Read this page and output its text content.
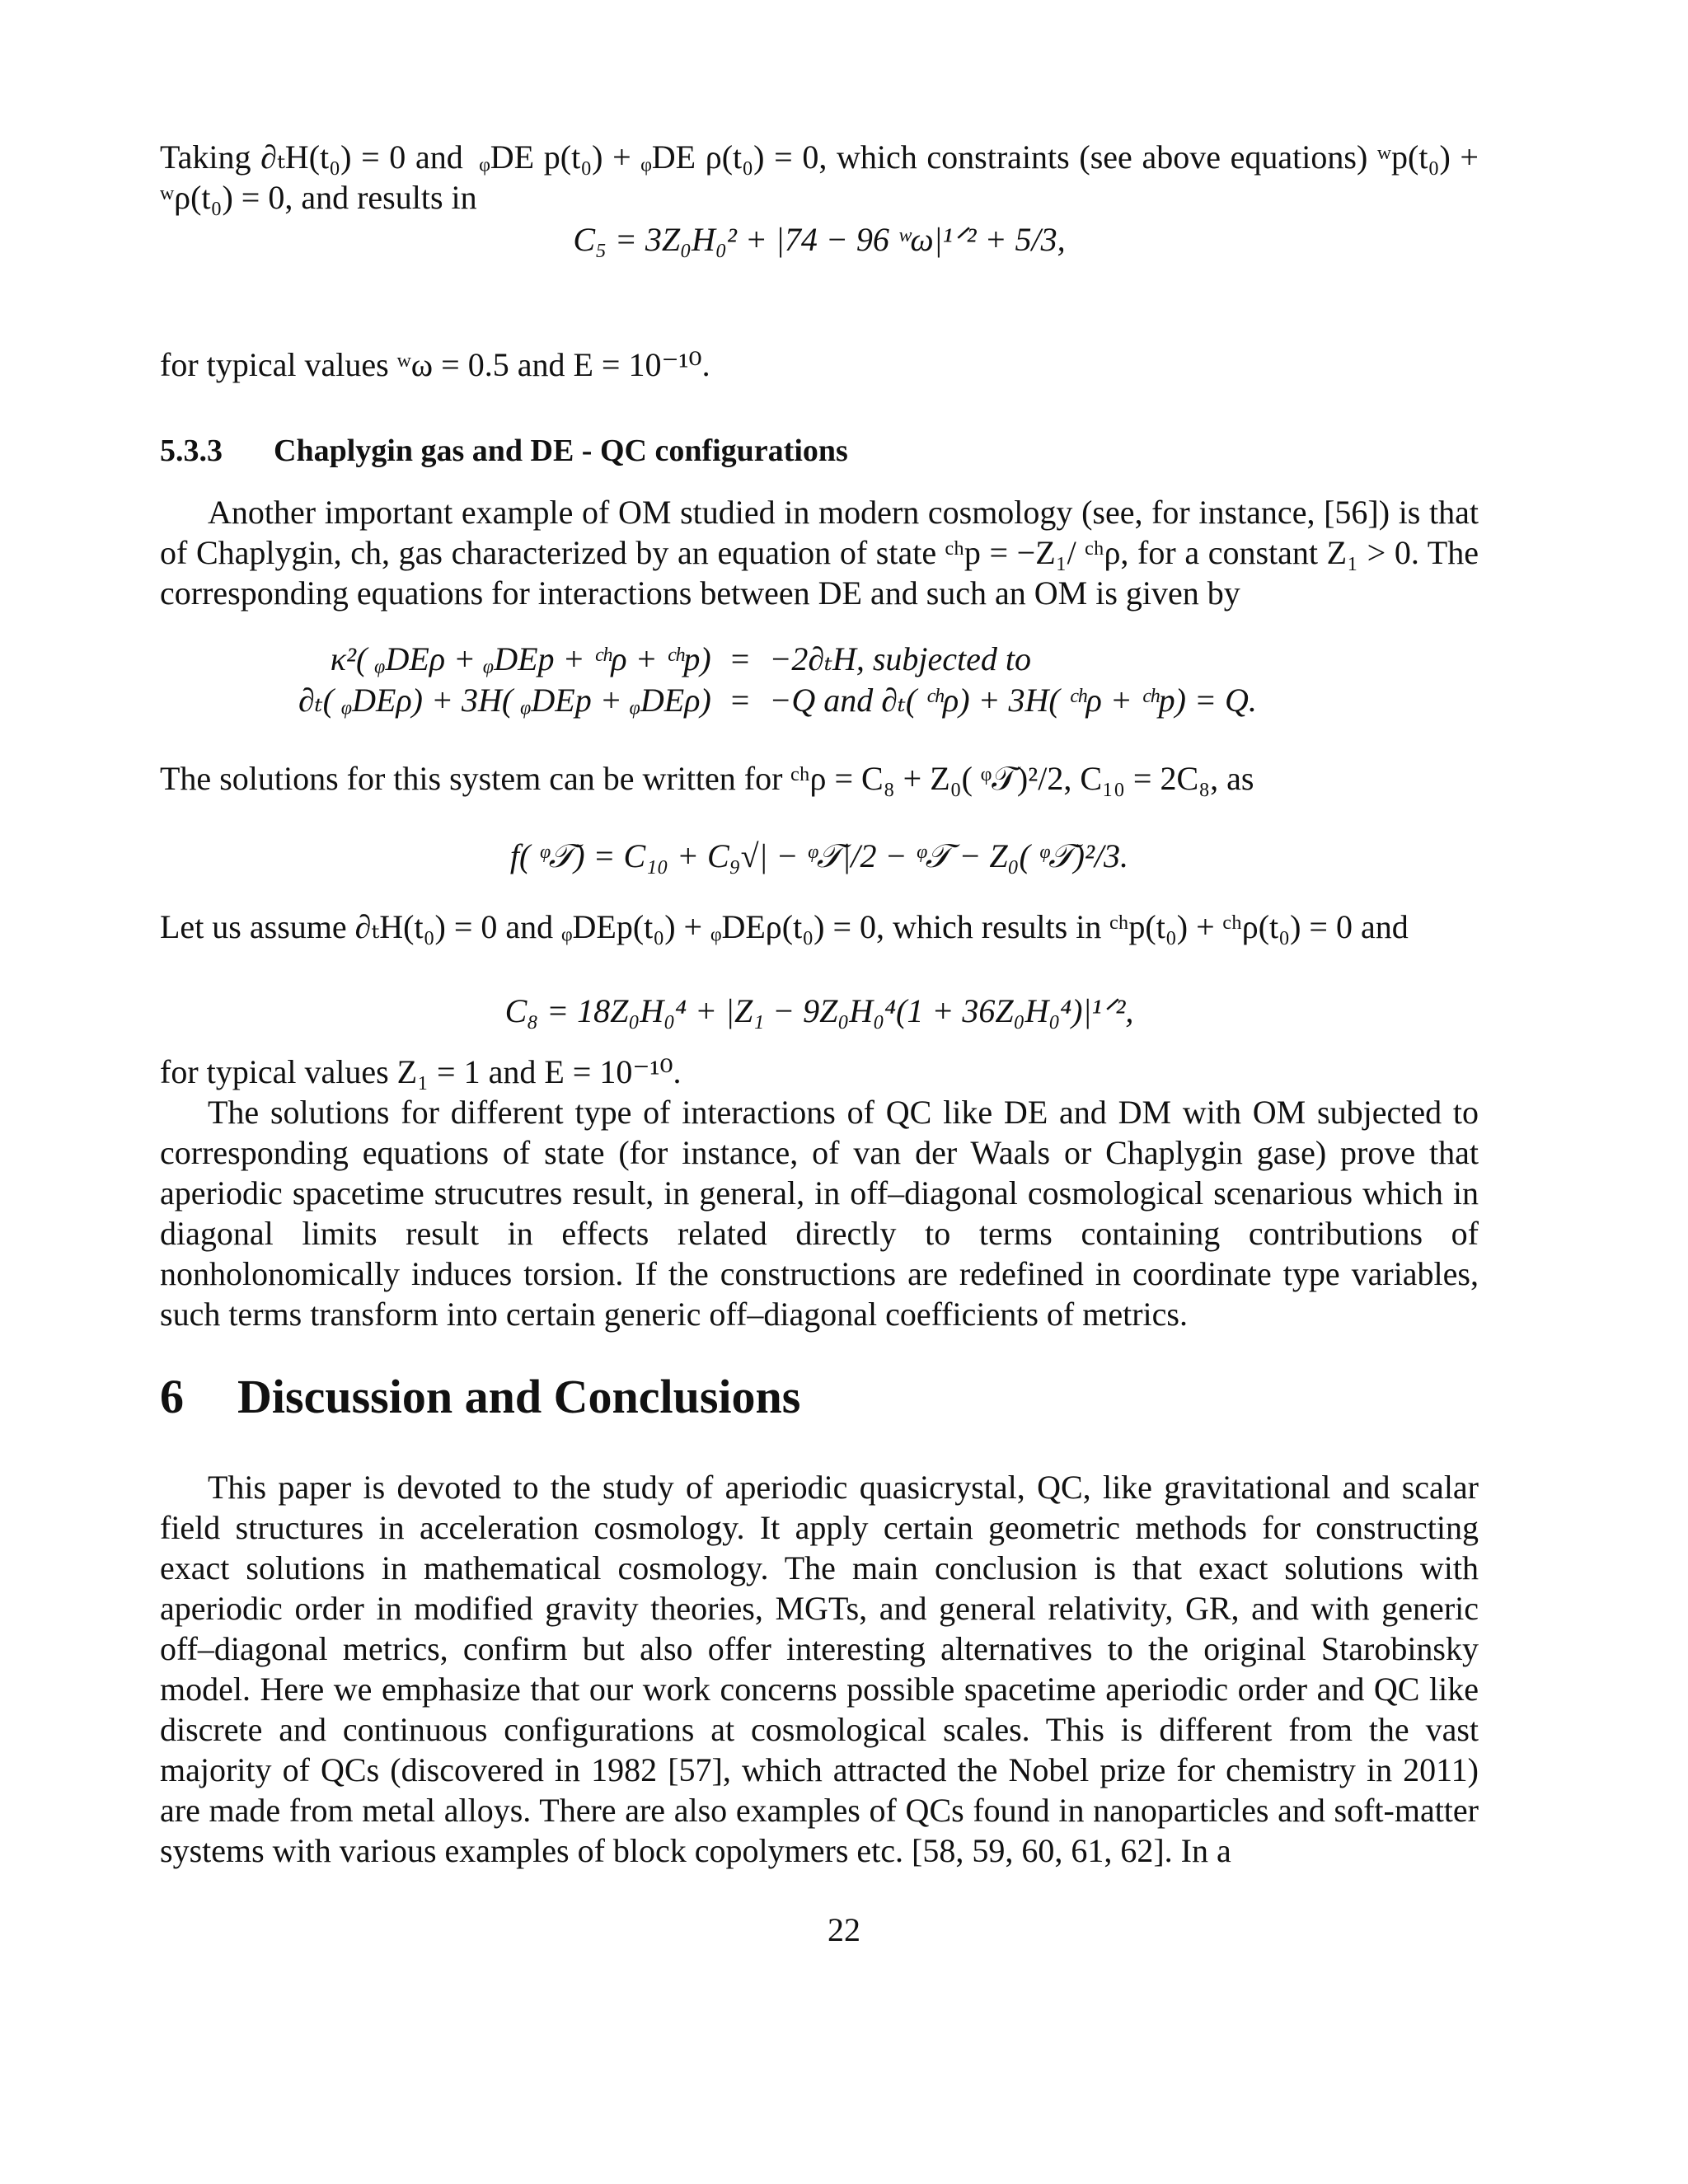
Taking ∂ₜH(t₀) = 0 and  ᵩDE p(t₀) + ᵩDE ρ(t₀) = 0, which constraints (see above equations) ʷp(t₀) + ʷρ(t₀) = 0, and results in

C₅ = 3Z₀H₀² + |74 − 96 ʷω|¹ᐟ² + 5/3,

for typical values ʷω = 0.5 and E = 10⁻¹⁰.

5.3.3 Chaplygin gas and DE - QC configurations

Another important example of OM studied in modern cosmology (see, for instance, [56]) is that of Chaplygin, ch, gas characterized by an equation of state ᶜʰp = −Z₁/ ᶜʰρ, for a constant Z₁ > 0. The corresponding equations for interactions between DE and such an OM is given by

κ²( ᵩDEρ + ᵩDEp + ᶜʰρ + ᶜʰp)	=	−2∂ₜH, subjected to
∂ₜ( ᵩDEρ) + 3H( ᵩDEp + ᵩDEρ)	=	−Q and ∂ₜ( ᶜʰρ) + 3H( ᶜʰρ + ᶜʰp) = Q.

The solutions for this system can be written for ᶜʰρ = C₈ + Z₀( ᵠ𝒯)²/2, C₁₀ = 2C₈, as

f( ᵠ𝒯) = C₁₀ + C₉√| − ᵠ𝒯|/2 − ᵠ𝒯 − Z₀( ᵠ𝒯)²/3.

Let us assume ∂ₜH(t₀) = 0 and ᵩDEp(t₀) + ᵩDEρ(t₀) = 0, which results in ᶜʰp(t₀) + ᶜʰρ(t₀) = 0 and

C₈ = 18Z₀H₀⁴ + |Z₁ − 9Z₀H₀⁴(1 + 36Z₀H₀⁴)|¹ᐟ²,

for typical values Z₁ = 1 and E = 10⁻¹⁰.

The solutions for different type of interactions of QC like DE and DM with OM subjected to corresponding equations of state (for instance, of van der Waals or Chaplygin gase) prove that aperiodic spacetime strucutres result, in general, in off–diagonal cosmological scenarious which in diagonal limits result in effects related directly to terms containing contributions of nonholonomically induces torsion. If the constructions are redefined in coordinate type variables, such terms transform into certain generic off–diagonal coefficients of metrics.

6 Discussion and Conclusions

This paper is devoted to the study of aperiodic quasicrystal, QC, like gravitational and scalar field structures in acceleration cosmology. It apply certain geometric methods for constructing exact solutions in mathematical cosmology. The main conclusion is that exact solutions with aperiodic order in modified gravity theories, MGTs, and general relativity, GR, and with generic off–diagonal metrics, confirm but also offer interesting alternatives to the original Starobinsky model. Here we emphasize that our work concerns possible spacetime aperiodic order and QC like discrete and continuous configurations at cosmological scales. This is different from the vast majority of QCs (discovered in 1982 [57], which attracted the Nobel prize for chemistry in 2011) are made from metal alloys. There are also examples of QCs found in nanoparticles and soft-matter systems with various examples of block copolymers etc. [58, 59, 60, 61, 62]. In a

22
